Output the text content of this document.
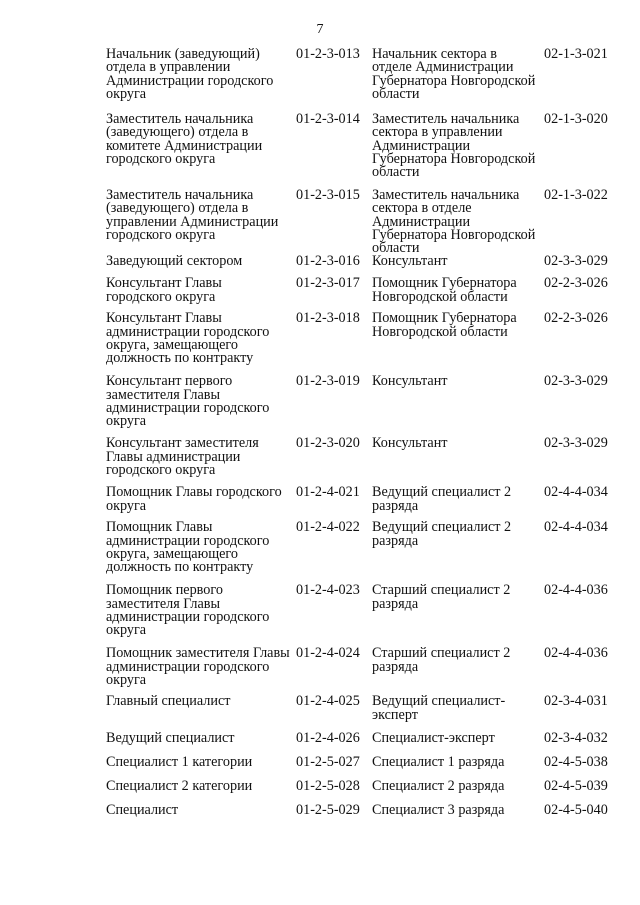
7
Начальник (заведующий) отдела в управлении Администрации городского округа	01-2-3-013	Начальник сектора в отделе Администрации Губернатора Новгородской области	02-1-3-021
Заместитель начальника (заведующего) отдела в комитете Администрации городского округа	01-2-3-014	Заместитель начальника сектора в управлении Администрации Губернатора Новгородской области	02-1-3-020
Заместитель начальника (заведующего) отдела в управлении Администрации городского округа	01-2-3-015	Заместитель начальника сектора в отделе Администрации Губернатора Новгородской области	02-1-3-022
Заведующий сектором	01-2-3-016	Консультант	02-3-3-029
Консультант Главы городского округа	01-2-3-017	Помощник Губернатора Новгородской области	02-2-3-026
Консультант Главы администрации городского округа, замещающего должность по контракту	01-2-3-018	Помощник Губернатора Новгородской области	02-2-3-026
Консультант первого заместителя Главы администрации городского округа	01-2-3-019	Консультант	02-3-3-029
Консультант заместителя Главы администрации городского округа	01-2-3-020	Консультант	02-3-3-029
Помощник Главы городского округа	01-2-4-021	Ведущий специалист 2 разряда	02-4-4-034
Помощник Главы администрации городского округа, замещающего должность по контракту	01-2-4-022	Ведущий специалист 2 разряда	02-4-4-034
Помощник первого заместителя Главы администрации городского округа	01-2-4-023	Старший специалист 2 разряда	02-4-4-036
Помощник заместителя Главы администрации городского округа	01-2-4-024	Старший специалист 2 разряда	02-4-4-036
Главный специалист	01-2-4-025	Ведущий специалист-эксперт	02-3-4-031
Ведущий специалист	01-2-4-026	Специалист-эксперт	02-3-4-032
Специалист 1 категории	01-2-5-027	Специалист 1 разряда	02-4-5-038
Специалист 2 категории	01-2-5-028	Специалист 2 разряда	02-4-5-039
Специалист	01-2-5-029	Специалист 3 разряда	02-4-5-040
